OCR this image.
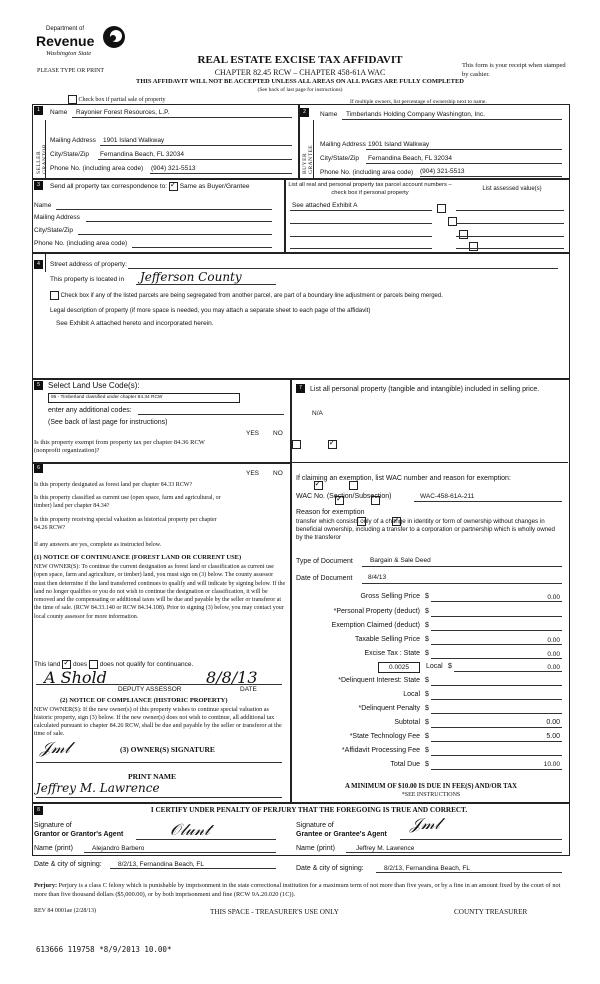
Department of
Revenue
Washington State
PLEASE TYPE OR PRINT
REAL ESTATE EXCISE TAX AFFIDAVIT
CHAPTER 82.45 RCW – CHAPTER 458-61A WAC
THIS AFFIDAVIT WILL NOT BE ACCEPTED UNLESS ALL AREAS ON ALL PAGES ARE FULLY COMPLETED
(See back of last page for instructions)
This form is your receipt when stamped by cashier.
Check box if partial sale of property	If multiple owners, list percentage of ownership next to name.
1
SELLER GRANTOR
Name Rayonier Forest Resources, L.P.
Mailing Address 1901 Island Walkway
City/State/Zip Fernandina Beach, FL 32034
Phone No. (including area code) (904) 321-5513
2
BUYER GRANTEE
Name Timberlands Holding Company Washington, Inc.
Mailing Address 1901 Island Walkway
City/State/Zip Fernandina Beach, FL 32034
Phone No. (including area code) (904) 321-5513
3	Send all property tax correspondence to: ✓ Same as Buyer/Grantee
Name
Mailing Address
City/State/Zip
Phone No. (including area code)
List all real and personal property tax parcel account numbers – check box if personal property
List assessed value(s)
See attached Exhibit A

4	Street address of property:
This property is located in Jefferson County
Check box if any of the listed parcels are being segregated from another parcel, are part of a boundary line adjustment or parcels being merged.
Legal description of property (if more space is needed, you may attach a separate sheet to each page of the affidavit)
See Exhibit A attached hereto and incorporated herein.
5	Select Land Use Code(s):
95 - Timberland classified under chapter 84.34 RCW
enter any additional codes:
(See back of last page for instructions)
YES NO
Is this property exempt from property tax per chapter 84.36 RCW (nonprofit organization)?
✓
6
YES NO
Is this property designated as forest land per chapter 84.33 RCW?
✓
Is this property classified as current use (open space, farm and agricultural, or timber) land per chapter 84.34?
✓
Is this property receiving special valuation as historical property per chapter 84.26 RCW?
✓
If any answers are yes, complete as instructed below.
(1) NOTICE OF CONTINUANCE (FOREST LAND OR CURRENT USE)
NEW OWNER(S): To continue the current designation as forest land or classification as current use (open space, farm and agriculture, or timber) land, you must sign on (3) below. The county assessor must then determine if the land transferred continues to qualify and will indicate by signing below. If the land no longer qualifies or you do not wish to continue the designation or classification, it will be removed and the compensating or additional taxes will be due and payable by the seller or transferor at the time of sale. (RCW 84.33.140 or RCW 84.34.108). Prior to signing (3) below, you may contact your local county assessor for more information.
This land ✓ does does not qualify for continuance.
A Shold	8/8/13
DEPUTY ASSESSOR	DATE
(2) NOTICE OF COMPLIANCE (HISTORIC PROPERTY)
NEW OWNER(S): If the new owner(s) of this property wishes to continue special valuation as historic property, sign (3) below. If the new owner(s) does not wish to continue, all additional tax calculated pursuant to chapter 84.26 RCW, shall be due and payable by the seller or transferor at the time of sale.
𝒥𝓂𝓁	(3) OWNER(S) SIGNATURE
PRINT NAME
Jeffrey M. Lawrence
7	List all personal property (tangible and intangible) included in selling price.
N/A
If claiming an exemption, list WAC number and reason for exemption:
WAC No. (Section/Subsection)	WAC-458-61A-211
Reason for exemption
transfer which consists only of a change in identity or form of ownership without changes in beneficial ownership, including a transfer to a corporation or partnership which is wholly owned by the transferor
Type of Document	Bargain & Sale Deed
Date of Document 8/4/13
Gross Selling Price $	0.00
*Personal Property (deduct) $
Exemption Claimed (deduct) $
Taxable Selling Price $	0.00
Excise Tax : State $	0.00
0.0025	Local $	0.00
*Delinquent Interest: State $
Local $
*Delinquent Penalty $
Subtotal $	0.00
*State Technology Fee $	5.00
*Affidavit Processing Fee $
Total Due $	10.00
A MINIMUM OF $10.00 IS DUE IN FEE(S) AND/OR TAX
*SEE INSTRUCTIONS
8	I CERTIFY UNDER PENALTY OF PERJURY THAT THE FOREGOING IS TRUE AND CORRECT.
Signature of
Grantor or Grantor's Agent	𝒪𝓁𝓊𝓃𝓉
Name (print)	Alejandro Barbero
Signature of
Grantee or Grantee's Agent
𝒥𝓂𝓁
Name (print)	Jeffrey M. Lawrence
Date & city of signing:	8/2/13, Fernandina Beach, FL
Date & city of signing:	8/2/13, Fernandina Beach, FL
Perjury: Perjury is a class C felony which is punishable by imprisonment in the state correctional institution for a maximum term of not more than five years, or by a fine in an amount fixed by the court of not more than five thousand dollars ($5,000.00), or by both imprisonment and fine (RCW 9A.20.020 (1C)).
REV 84 0001ae (2/28/13)	THIS SPACE - TREASURER'S USE ONLY	COUNTY TREASURER
613666 119758 *8/9/2013 10.00*
